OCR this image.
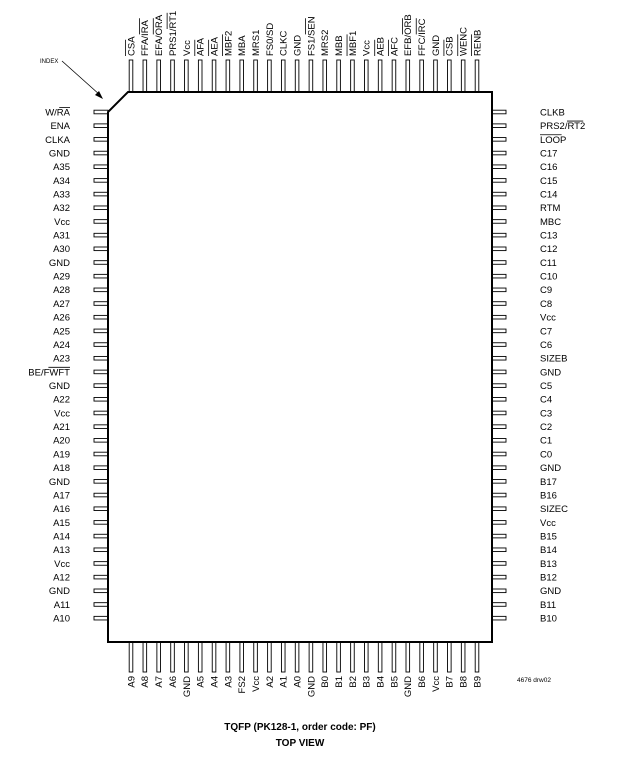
W/RA
ENA
CLKA
GND
A35
A34
A33
A32
Vcc
A31
A30
GND
A29
A28
A27
A26
A25
A24
A23
BE/FWFT
GND
A22
Vcc
A21
A20
A19
A18
GND
A17
A16
A15
A14
A13
Vcc
A12
GND
A11
A10
CLKB
PRS2/RT2
LOOP
C17
C16
C15
C14
RTM
MBC
C13
C12
C11
C10
C9
C8
Vcc
C7
C6
SIZEB
GND
C5
C4
C3
C2
C1
C0
GND
B17
B16
SIZEC
Vcc
B15
B14
B13
B12
GND
B11
B10
CSA FFA/IRA EFA/ORA PRS1/RT1 Vcc AFA AEA MBF2 MBA MRS1 FS0/SD CLKC GND FS1/SEN MRS2 MBB MBF1 Vcc AEB AFC EFB/ORB FFC/IRC GND CSB WENC RENB
A9 A8 A7 A6 GND A5 A4 A3 FS2 Vcc A2 A1 A0 GND B0 B1 B2 B3 B4 B5 GND B6 Vcc B7 B8 B9
INDEX
4676 drw02
TQFP (PK128-1, order code: PF)
TOP VIEW
